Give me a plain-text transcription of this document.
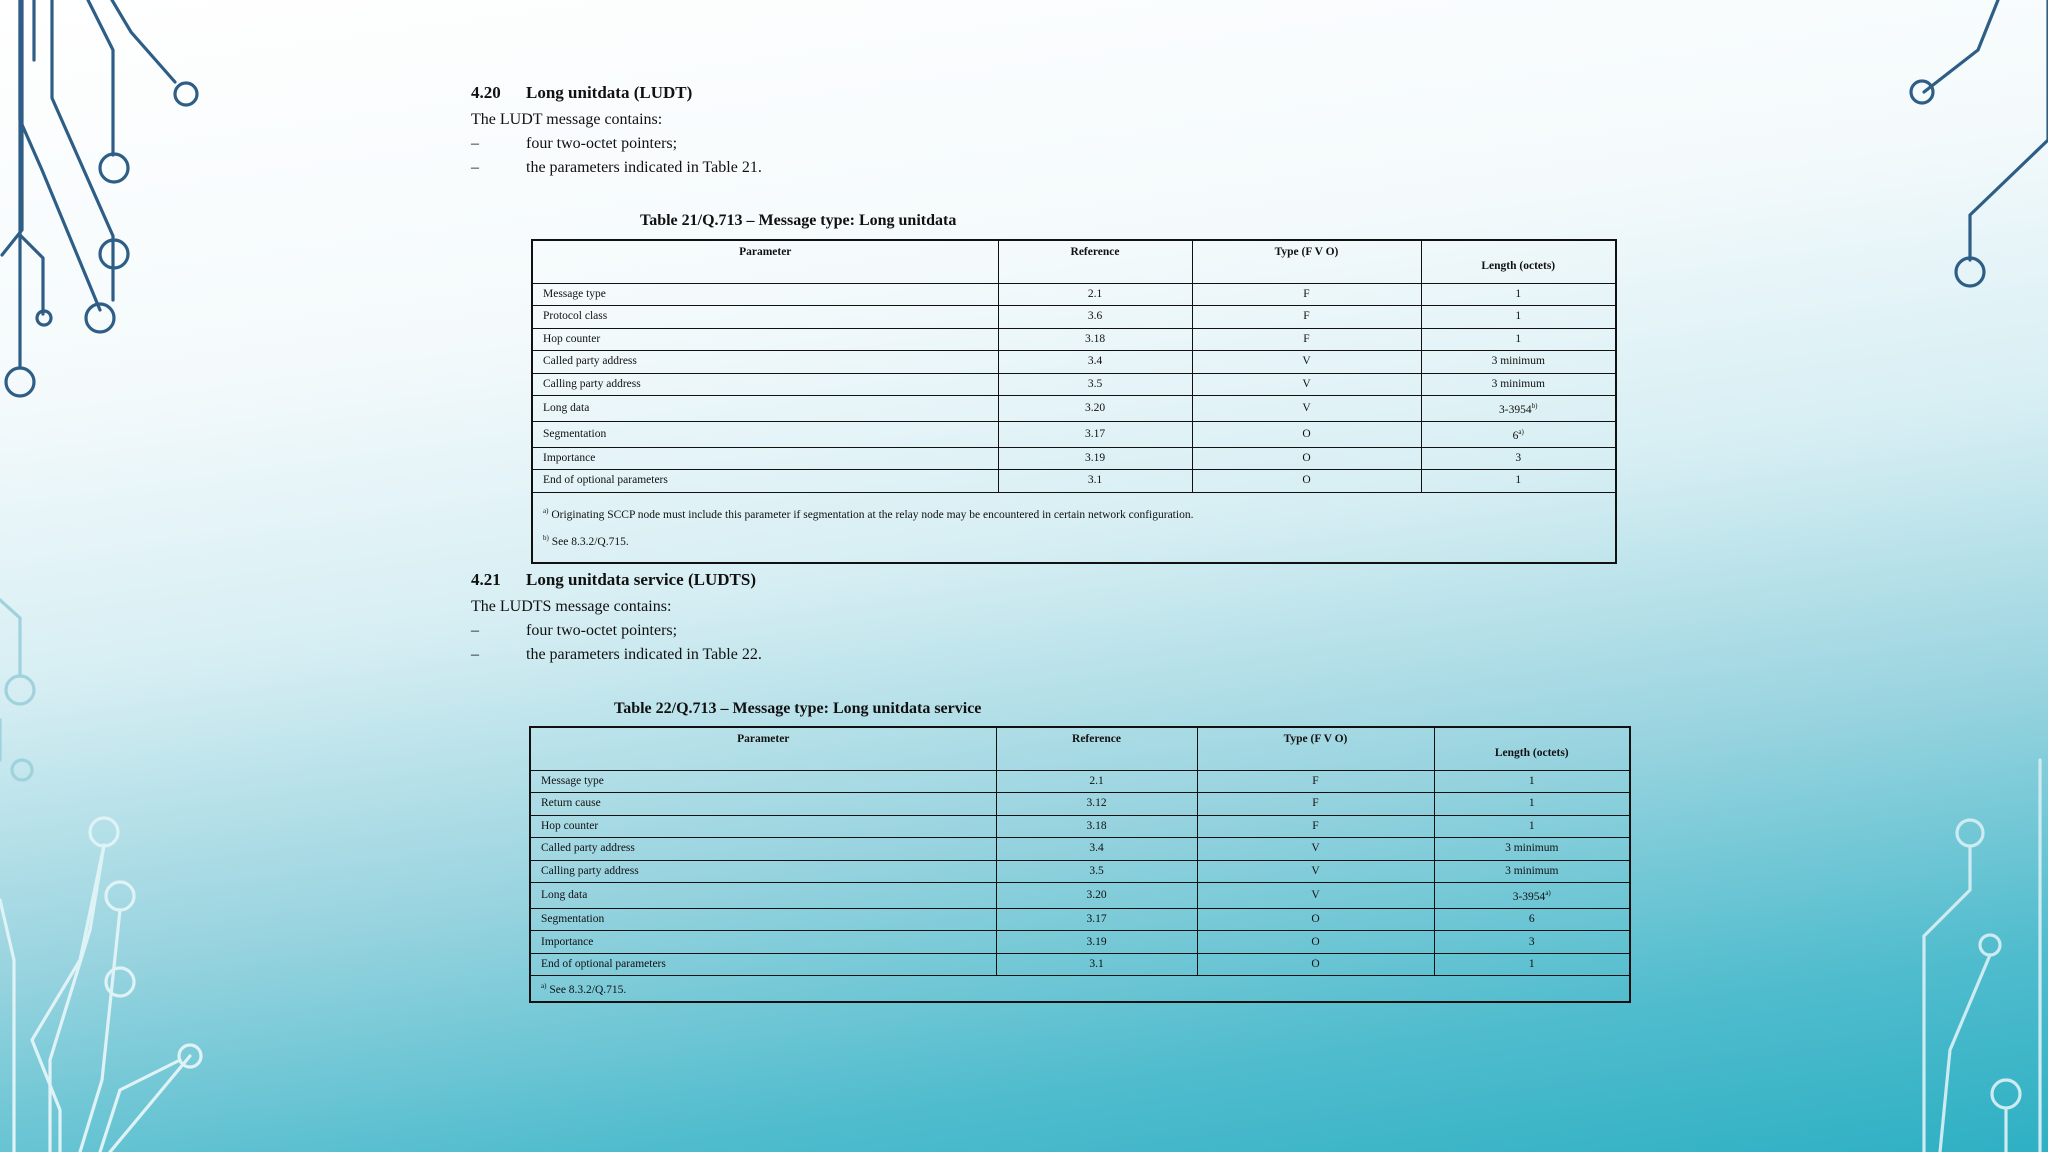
4.20 Long unitdata (LUDT)
The LUDT message contains:
–	four two-octet pointers;
–	the parameters indicated in Table 21.
Table 21/Q.713 – Message type: Long unitdata
Parameter	Reference	Type (F V O)	Length (octets)
Message type	2.1	F	1
Protocol class	3.6	F	1
Hop counter	3.18	F	1
Called party address	3.4	V	3 minimum
Calling party address	3.5	V	3 minimum
Long data	3.20	V	3-3954$^{b)}$
Segmentation	3.17	O	6$^{a)}$
Importance	3.19	O	3
End of optional parameters	3.1	O	1

$^{a)}$ Originating SCCP node must include this parameter if segmentation at the relay node may be encountered in certain network configuration.
$^{b)}$ See 8.3.2/Q.715.			
4.21 Long unitdata service (LUDTS)
The LUDTS message contains:
–	four two-octet pointers;
–	the parameters indicated in Table 22.
Table 22/Q.713 – Message type: Long unitdata service
Parameter	Reference	Type (F V O)	Length (octets)
Message type	2.1	F	1
Return cause	3.12	F	1
Hop counter	3.18	F	1
Called party address	3.4	V	3 minimum
Calling party address	3.5	V	3 minimum
Long data	3.20	V	3-3954$^{a)}$
Segmentation	3.17	O	6
Importance	3.19	O	3
End of optional parameters	3.1	O	1

$^{a)}$ See 8.3.2/Q.715.			
